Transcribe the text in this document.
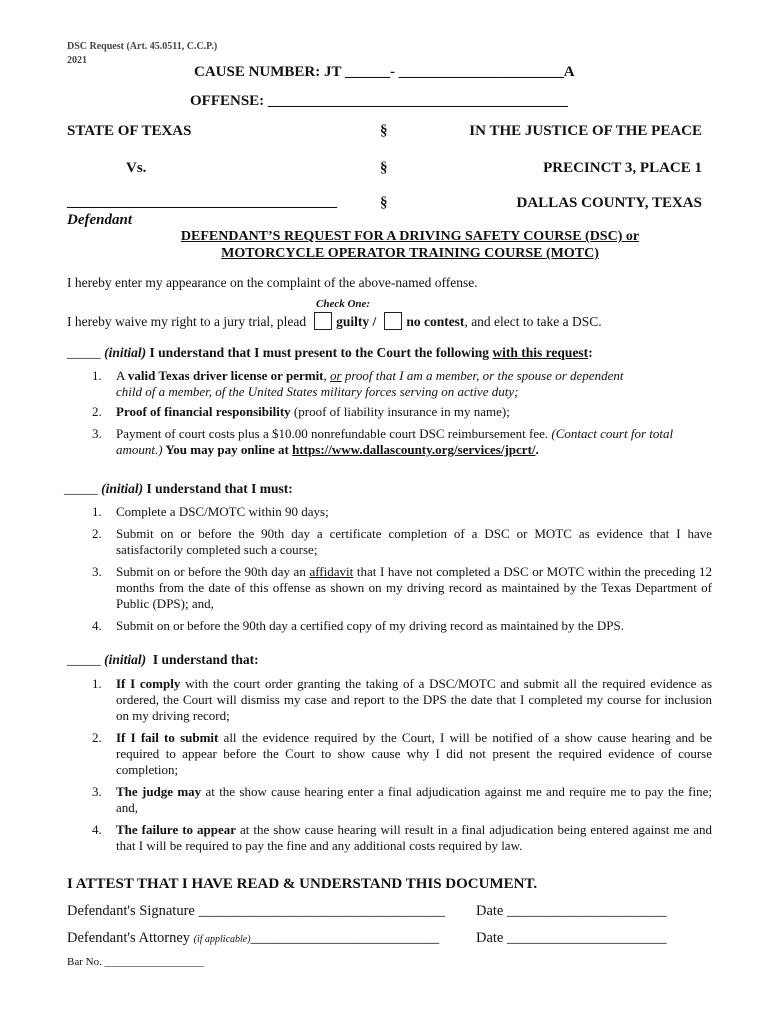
DSC Request (Art. 45.0511, C.C.P.)
2021
CAUSE NUMBER: JT ______- ______________________A
OFFENSE: ________________________________________
STATE OF TEXAS	§	IN THE JUSTICE OF THE PEACE
Vs.	§	PRECINCT 3, PLACE 1
____________________________________	§	DALLAS COUNTY, TEXAS
Defendant
DEFENDANT’S REQUEST FOR A DRIVING SAFETY COURSE (DSC) or
MOTORCYCLE OPERATOR TRAINING COURSE (MOTC)
I hereby enter my appearance on the complaint of the above-named offense.
Check One:
I hereby waive my right to a jury trial, plead guilty / no contest, and elect to take a DSC.
_____ (initial) I understand that I must present to the Court the following with this request:
1.	A valid Texas driver license or permit, or proof that I am a member, or the spouse or dependent
child of a member, of the United States military forces serving on active duty;
2.	Proof of financial responsibility (proof of liability insurance in my name);
3.	Payment of court costs plus a $10.00 nonrefundable court DSC reimbursement fee. (Contact court for total
amount.) You may pay online at https://www.dallascounty.org/services/jpcrt/.
_____ (initial) I understand that I must:
1.	Complete a DSC/MOTC within 90 days;
2.	Submit on or before the 90th day a certificate completion of a DSC or MOTC as evidence that I have satisfactorily completed such a course;
3.	Submit on or before the 90th day an affidavit that I have not completed a DSC or MOTC within the preceding 12 months from the date of this offense as shown on my driving record as maintained by the Texas Department of Public (DPS); and,
4.	Submit on or before the 90th day a certified copy of my driving record as maintained by the DPS.
_____ (initial) I understand that:
1.	If I comply with the court order granting the taking of a DSC/MOTC and submit all the required evidence as ordered, the Court will dismiss my case and report to the DPS the date that I completed my course for inclusion on my driving record;
2.	If I fail to submit all the evidence required by the Court, I will be notified of a show cause hearing and be required to appear before the Court to show cause why I did not present the required evidence of course completion;
3.	The judge may at the show cause hearing enter a final adjudication against me and require me to pay the fine; and,
4.	The failure to appear at the show cause hearing will result in a final adjudication being entered against me and that I will be required to pay the fine and any additional costs required by law.
I ATTEST THAT I HAVE READ & UNDERSTAND THIS DOCUMENT.
Defendant's Signature __________________________________ Date ______________________
Defendant's Attorney (if applicable)__________________________	Date ______________________
Bar No. __________________
